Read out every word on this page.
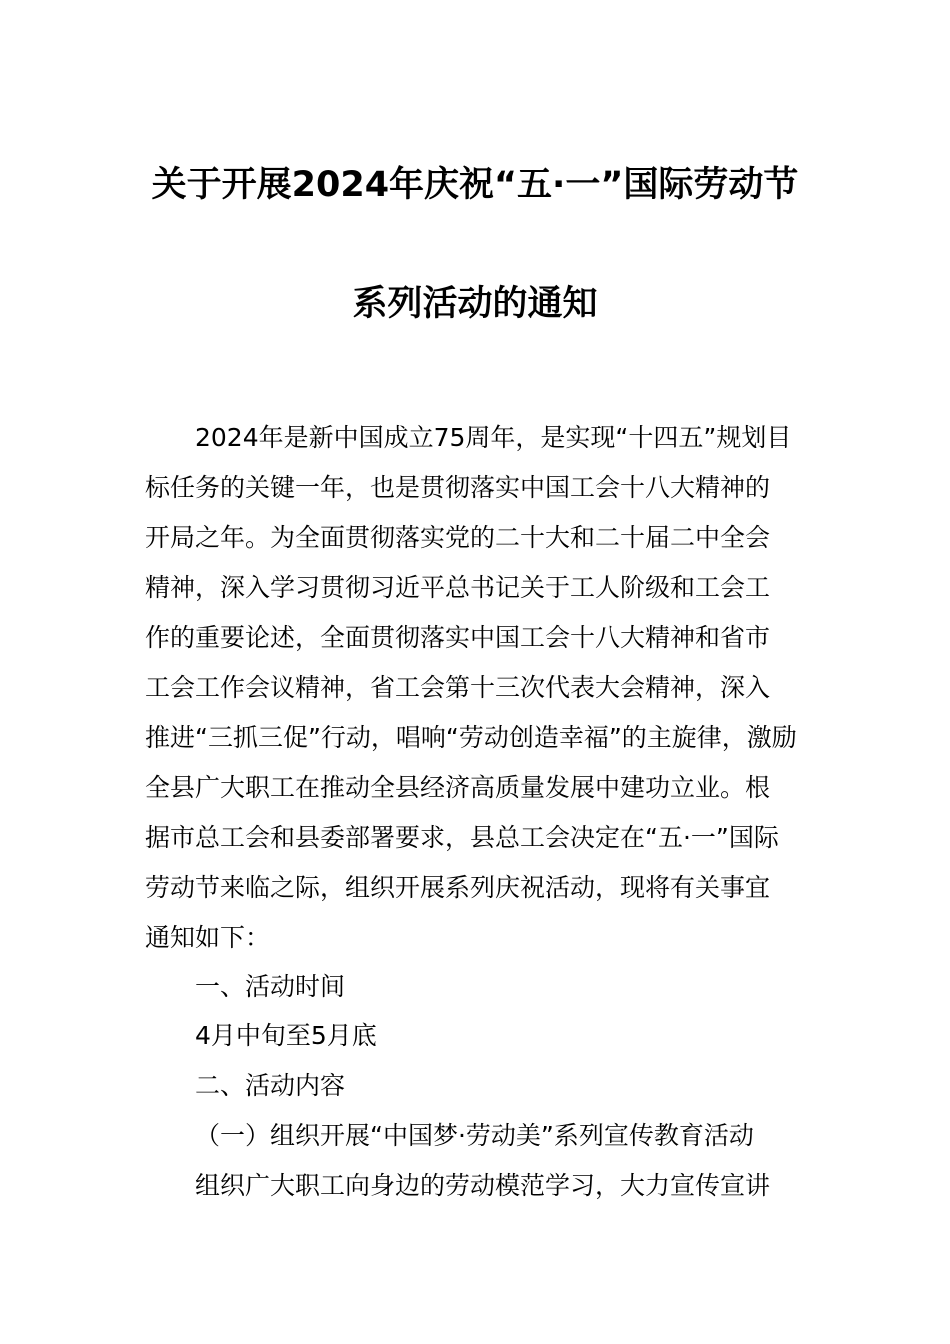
关于开展2024年庆祝“五·一”国际劳动节
系列活动的通知
2024年是新中国成立75周年，是实现“十四五”规划目
标任务的关键一年，也是贯彻落实中国工会十八大精神的
开局之年。为全面贯彻落实党的二十大和二十届二中全会
精神，深入学习贯彻习近平总书记关于工人阶级和工会工
作的重要论述，全面贯彻落实中国工会十八大精神和省市
工会工作会议精神，省工会第十三次代表大会精神，深入
推进“三抓三促”行动，唱响“劳动创造幸福”的主旋律，激励
全县广大职工在推动全县经济高质量发展中建功立业。根
据市总工会和县委部署要求，县总工会决定在“五·一”国际
劳动节来临之际，组织开展系列庆祝活动，现将有关事宜
通知如下：
一、活动时间
4月中旬至5月底
二、活动内容
（一）组织开展“中国梦·劳动美”系列宣传教育活动
组织广大职工向身边的劳动模范学习，大力宣传宣讲
